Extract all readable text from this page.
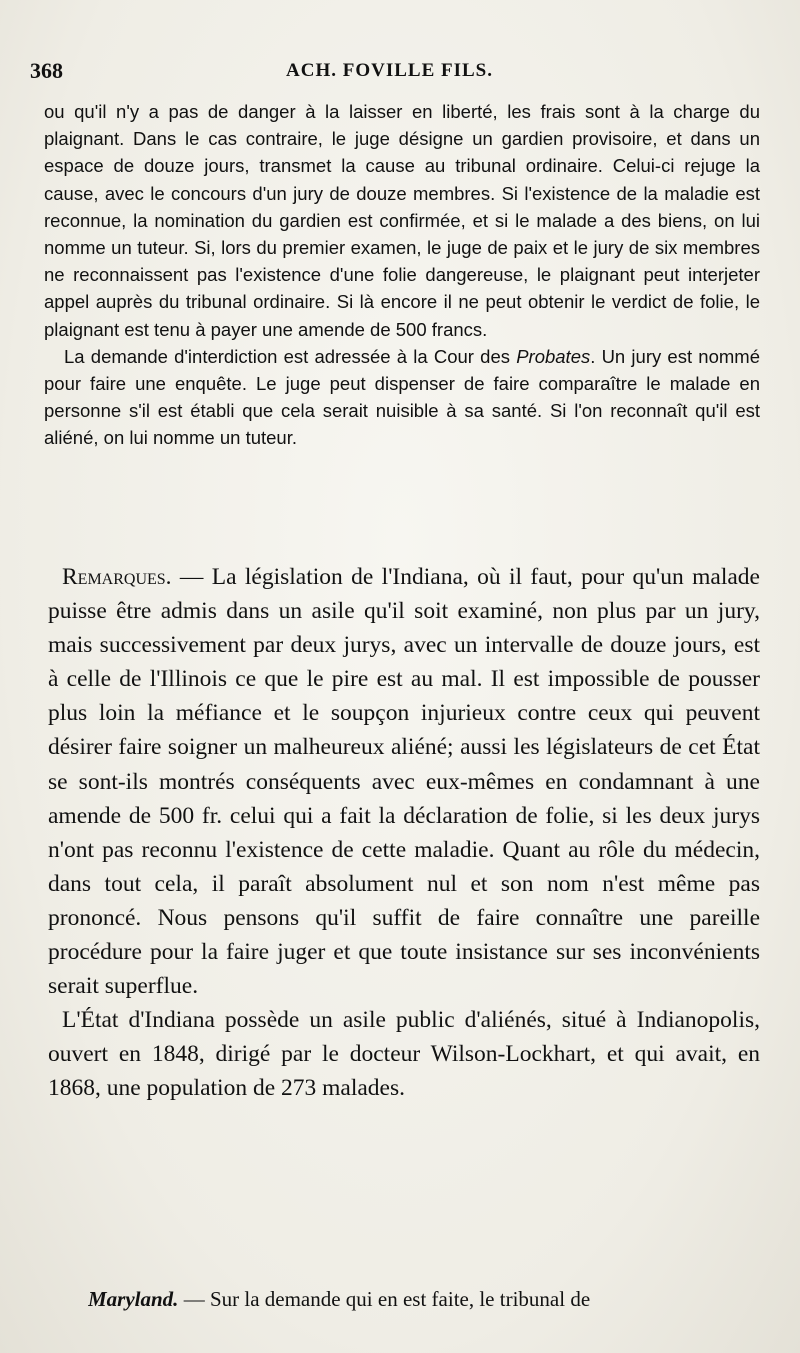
368	ACH. FOVILLE FILS.

ou qu'il n'y a pas de danger à la laisser en liberté, les frais sont à la charge du plaignant. Dans le cas contraire, le juge désigne un gardien provisoire, et dans un espace de douze jours, transmet la cause au tribunal ordinaire. Celui-ci rejuge la cause, avec le concours d'un jury de douze membres. Si l'existence de la maladie est reconnue, la nomination du gardien est confirmée, et si le malade a des biens, on lui nomme un tuteur. Si, lors du premier examen, le juge de paix et le jury de six membres ne reconnaissent pas l'existence d'une folie dangereuse, le plaignant peut interjeter appel auprès du tribunal ordinaire. Si là encore il ne peut obtenir le verdict de folie, le plaignant est tenu à payer une amende de 500 francs.

La demande d'interdiction est adressée à la Cour des Probates. Un jury est nommé pour faire une enquête. Le juge peut dispenser de faire comparaître le malade en personne s'il est établi que cela serait nuisible à sa santé. Si l'on reconnaît qu'il est aliéné, on lui nomme un tuteur.

Remarques. — La législation de l'Indiana, où il faut, pour qu'un malade puisse être admis dans un asile qu'il soit examiné, non plus par un jury, mais successivement par deux jurys, avec un intervalle de douze jours, est à celle de l'Illinois ce que le pire est au mal. Il est impossible de pousser plus loin la méfiance et le soupçon injurieux contre ceux qui peuvent désirer faire soigner un malheureux aliéné; aussi les législateurs de cet État se sont-ils montrés conséquents avec eux-mêmes en condamnant à une amende de 500 fr. celui qui a fait la déclaration de folie, si les deux jurys n'ont pas reconnu l'existence de cette maladie. Quant au rôle du médecin, dans tout cela, il paraît absolument nul et son nom n'est même pas prononcé. Nous pensons qu'il suffit de faire connaître une pareille procédure pour la faire juger et que toute insistance sur ses inconvénients serait superflue.

L'État d'Indiana possède un asile public d'aliénés, situé à Indianopolis, ouvert en 1848, dirigé par le docteur Wilson-Lockhart, et qui avait, en 1868, une population de 273 malades.

Maryland. — Sur la demande qui en est faite, le tribunal de
